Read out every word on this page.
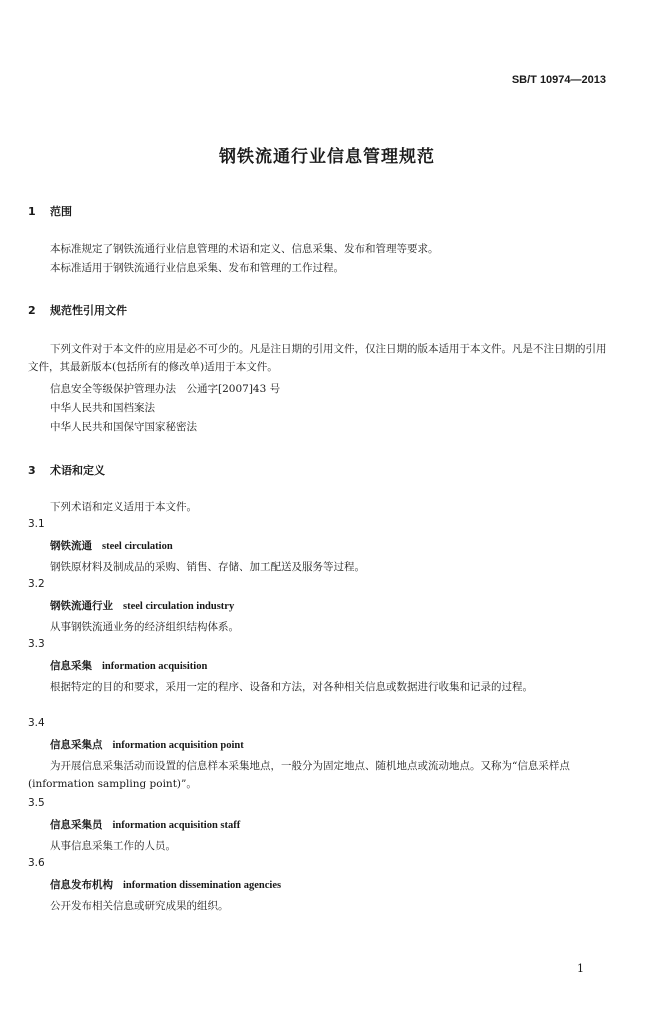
SB/T 10974—2013
钢铁流通行业信息管理规范
1 范围
本标准规定了钢铁流通行业信息管理的术语和定义、信息采集、发布和管理等要求。
本标准适用于钢铁流通行业信息采集、发布和管理的工作过程。
2 规范性引用文件
下列文件对于本文件的应用是必不可少的。凡是注日期的引用文件，仅注日期的版本适用于本文件。凡是不注日期的引用文件，其最新版本(包括所有的修改单)适用于本文件。
信息安全等级保护管理办法　公通字[2007]43 号
中华人民共和国档案法
中华人民共和国保守国家秘密法
3 术语和定义
下列术语和定义适用于本文件。
3.1
钢铁流通 steel circulation
钢铁原材料及制成品的采购、销售、存储、加工配送及服务等过程。
3.2
钢铁流通行业 steel circulation industry
从事钢铁流通业务的经济组织结构体系。
3.3
信息采集 information acquisition
根据特定的目的和要求，采用一定的程序、设备和方法，对各种相关信息或数据进行收集和记录的过程。
3.4
信息采集点 information acquisition point
为开展信息采集活动而设置的信息样本采集地点，一般分为固定地点、随机地点或流动地点。又称为“信息采样点(information sampling point)”。
3.5
信息采集员 information acquisition staff
从事信息采集工作的人员。
3.6
信息发布机构 information dissemination agencies
公开发布相关信息或研究成果的组织。
1
